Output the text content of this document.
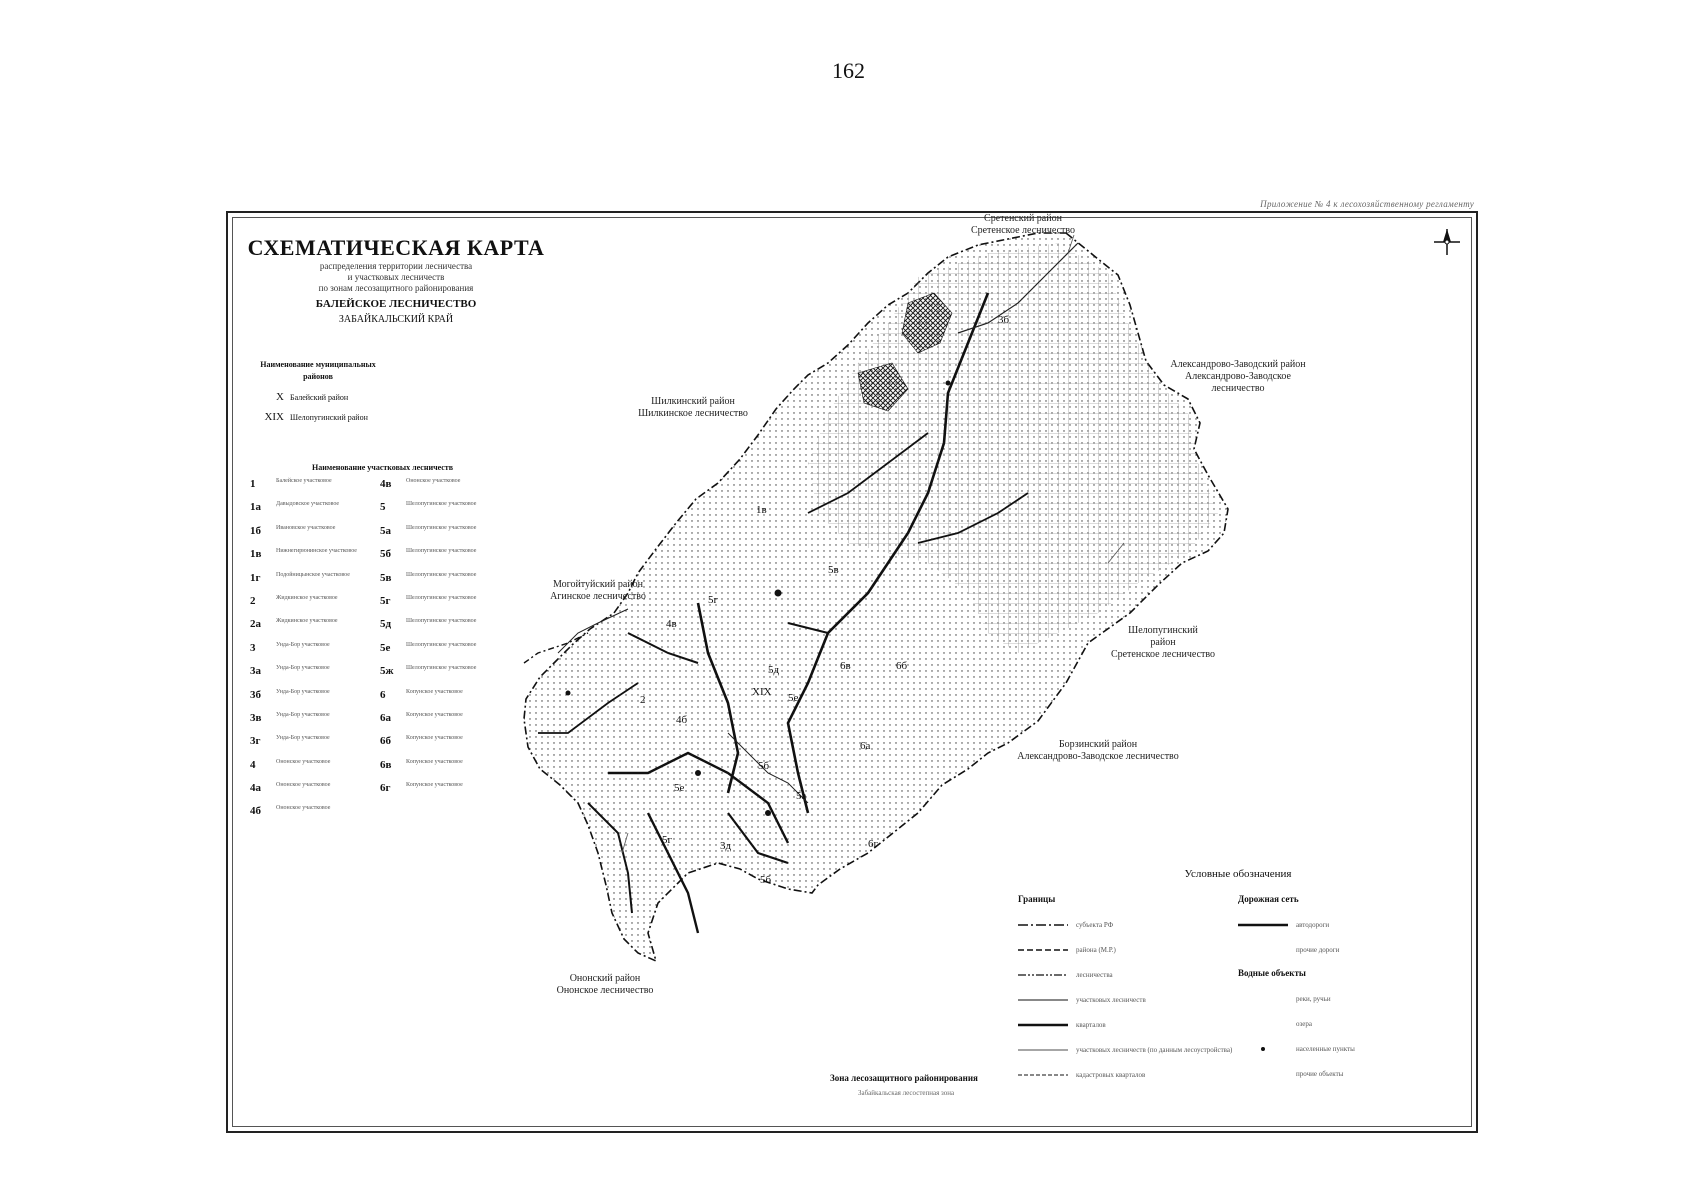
162
Приложение № 4 к лесохозяйственному регламенту
СХЕМАТИЧЕСКАЯ КАРТА
распределения территории лесничества
и участковых лесничеств
по зонам лесозащитного районирования
БАЛЕЙСКОЕ ЛЕСНИЧЕСТВО
ЗАБАЙКАЛЬСКИЙ КРАЙ
Наименование муниципальных районов
X Балейский район
XIX Шелопугинский район
Наименование участковых лесничеств
1	Балейское участковое
1а	Давыдовское участковое
1б	Ивановское участковое
1в	Нижнегирюнинское участковое
1г	Подойницынское участковое
2	Жидкинское участковое
2а	Жидкинское участковое
3	Унда-Бор участковое
3а	Унда-Бор участковое
3б	Унда-Бор участковое
3в	Унда-Бор участковое
3г	Унда-Бор участковое
4	Ононское участковое
4а	Ононское участковое
4б	Ононское участковое
4в	Ононское участковое
5	Шелопугинское участковое
5а	Шелопугинское участковое
5б	Шелопугинское участковое
5в	Шелопугинское участковое
5г	Шелопугинское участковое
5д	Шелопугинское участковое
5е	Шелопугинское участковое
5ж	Шелопугинское участковое
6	Копунское участковое
6а	Копунское участковое
6б	Копунское участковое
6в	Копунское участковое
6г	Копунское участковое
1в
5г
4в
5б
5в
5д
XIX 5е
2
4б
6в
6а
6б
5а
5е
5г	3д
5б
6г
3б
Сретенский район
Сретенское лесничество
Шилкинский район
Шилкинское лесничество
Александрово-Заводский район
Александрово-Заводское
лесничество
Могойтуйский район
Агинское лесничество
Шелопугинский
район
Сретенское лесничество
Борзинский район
Александрово-Заводское лесничество
Ононский район
Ононское лесничество
Условные обозначения
Границы
субъекта РФ
района (М.Р.)
лесничества
участковых лесничеств
кварталов
участковых лесничеств (по данным лесоустройства)
кадастровых кварталов
Дорожная сеть
автодороги
прочие дороги
Водные объекты
реки, ручьи
озера
населенные пункты
прочие объекты
Зона лесозащитного районирования
Забайкальская лесостепная зона
